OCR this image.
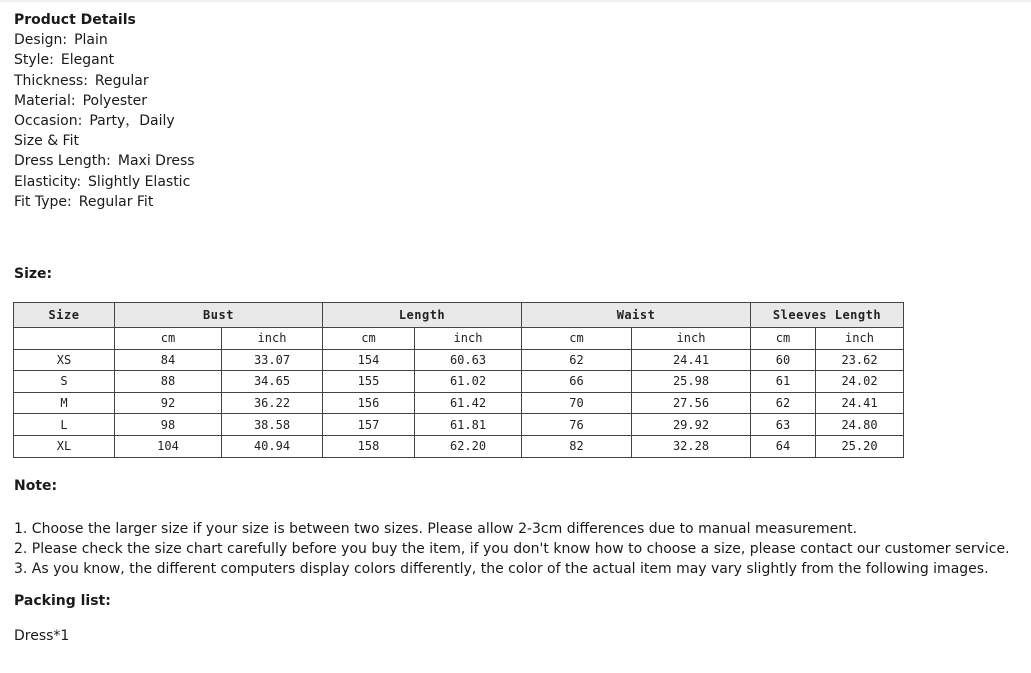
Product Details
Design: Plain
Style: Elegant
Thickness: Regular
Material: Polyester
Occasion: Party，Daily
Size & Fit
Dress Length: Maxi Dress
Elasticity: Slightly Elastic
Fit Type: Regular Fit
Size:
Size	Bust		Length		Waist		Sleeves Length	
	cm	inch	cm	inch	cm	inch	cm	inch
XS	84	33.07	154	60.63	62	24.41	60	23.62
S	88	34.65	155	61.02	66	25.98	61	24.02
M	92	36.22	156	61.42	70	27.56	62	24.41
L	98	38.58	157	61.81	76	29.92	63	24.80
XL	104	40.94	158	62.20	82	32.28	64	25.20
Note:
1. Choose the larger size if your size is between two sizes. Please allow 2-3cm differences due to manual measurement.
2. Please check the size chart carefully before you buy the item, if you don't know how to choose a size, please contact our customer service.
3. As you know, the different computers display colors differently, the color of the actual item may vary slightly from the following images.
Packing list:
Dress*1
